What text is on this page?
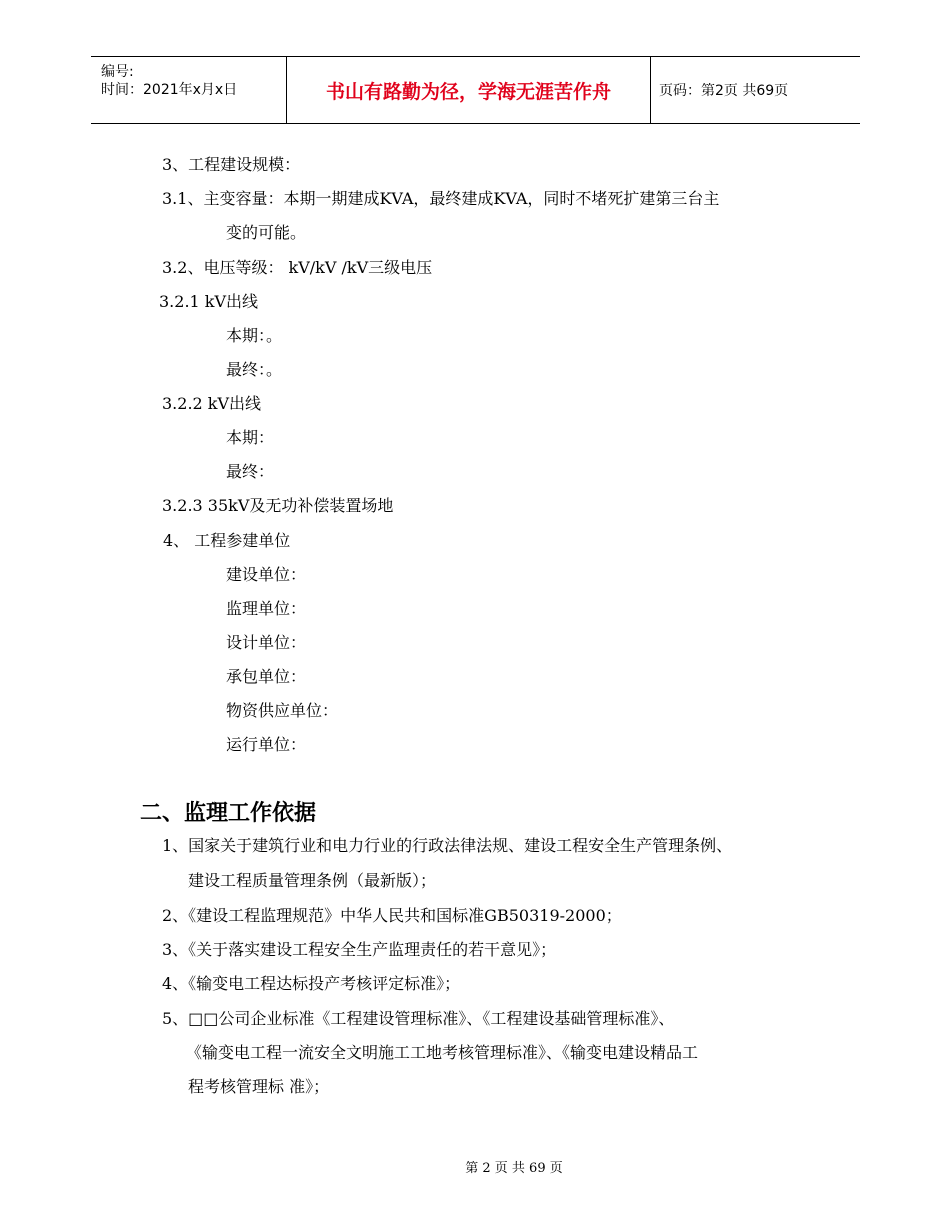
编号:
时间：2021年x月x日	书山有路勤为径，学海无涯苦作舟	页码：第2页 共69页
3、工程建设规模：
3.1、主变容量：本期一期建成KVA，最终建成KVA，同时不堵死扩建第三台主
变的可能。
3.2、电压等级： kV/kV /kV三级电压
3.2.1 kV出线
本期：。
最终：。
3.2.2 kV出线
本期：
最终：
3.2.3 35kV及无功补偿装置场地
4、 工程参建单位
建设单位：
监理单位：
设计单位：
承包单位：
物资供应单位：
运行单位：
二、监理工作依据
1、国家关于建筑行业和电力行业的行政法律法规、建设工程安全生产管理条例、
建设工程质量管理条例（最新版）；
2、《建设工程监理规范》中华人民共和国标准GB50319-2000；
3、《关于落实建设工程安全生产监理责任的若干意见》；
4、《输变电工程达标投产考核评定标准》；
5、□□公司企业标准《工程建设管理标准》、《工程建设基础管理标准》、
《输变电工程一流安全文明施工工地考核管理标准》、《输变电建设精品工
程考核管理标 准》；
第 2 页 共 69 页
